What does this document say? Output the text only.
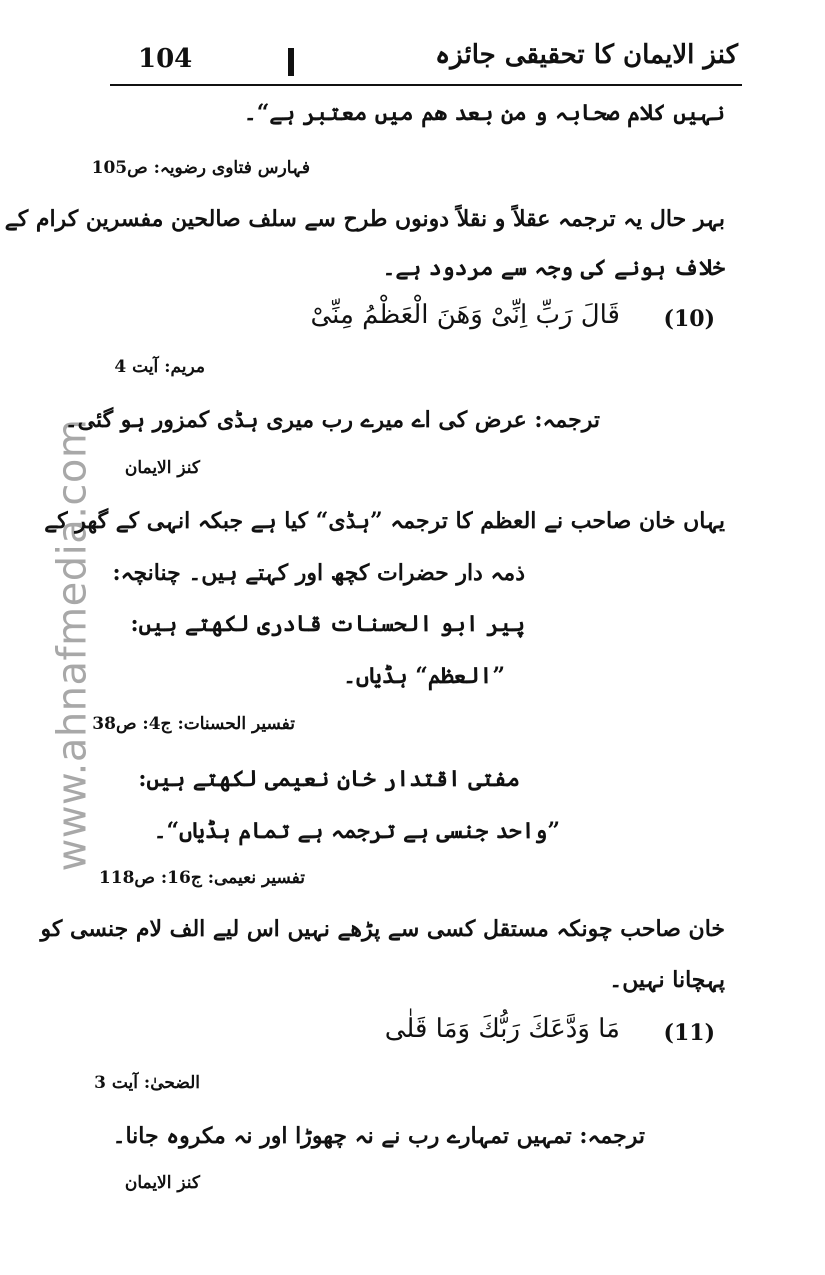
www.ahnafmedia.com
104	کنز الایمان کا تحقیقی جائزہ
نہیں کلام صحابہ و من بعد ھم میں معتبر ہے“۔
فہارس فتاوی رضویہ: ص105
بہر حال یہ ترجمہ عقلاً و نقلاً دونوں طرح سے سلف صالحین مفسرین کرام کے
خلاف ہونے کی وجہ سے مردود ہے۔
(10)
قَالَ رَبِّ اِنِّیْ وَهَنَ الْعَظْمُ مِنِّیْ
مریم: آیت 4
ترجمہ: عرض کی اے میرے رب میری ہڈی کمزور ہو گئی۔
کنز الایمان
یہاں خان صاحب نے العظم کا ترجمہ ”ہڈی“ کیا ہے جبکہ انہی کے گھر کے
ذمہ دار حضرات کچھ اور کہتے ہیں۔ چنانچہ:
پیر ابو الحسنات قادری لکھتے ہیں:
”العظم“ ہڈیاں۔
تفسیر الحسنات: ج4: ص38
مفتی اقتدار خان نعیمی لکھتے ہیں:
”واحد جنسی ہے ترجمہ ہے تمام ہڈیاں“۔
تفسیر نعیمی: ج16: ص118
خان صاحب چونکہ مستقل کسی سے پڑھے نہیں اس لیے الف لام جنسی کو
پہچانا نہیں۔
(11)
مَا وَدَّعَكَ رَبُّكَ وَمَا قَلٰی
الضحیٰ: آیت 3
ترجمہ: تمہیں تمہارے رب نے نہ چھوڑا اور نہ مکروہ جانا۔
کنز الایمان
